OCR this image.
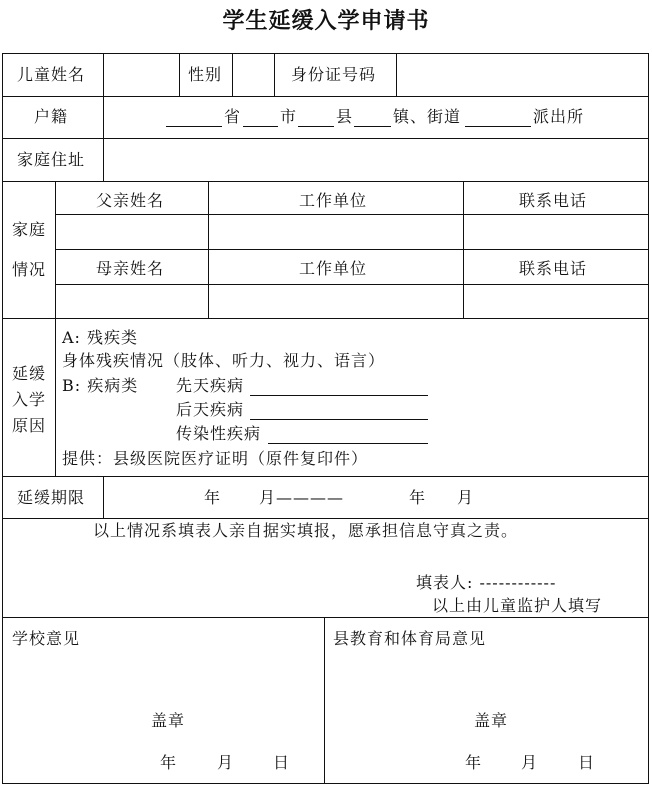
学生延缓入学申请书
儿童姓名	性别	身份证号码
户籍	省 市 县 镇、街道	派出所
家庭住址
家庭
情况
父亲姓名	工作单位	联系电话
母亲姓名	工作单位	联系电话
延缓
入学
原因
A: 残疾类
身体残疾情况（肢体、听力、视力、语言）
B: 疾病类 先天疾病
后天疾病
传染性疾病
提供：县级医院医疗证明（原件复印件）
延缓期限	年 月————	年 月
以上情况系填表人亲自据实填报，愿承担信息守真之责。
填表人: ------------
以上由儿童监护人填写
学校意见
盖章
年 月 日
县教育和体育局意见
盖章
年 月 日
